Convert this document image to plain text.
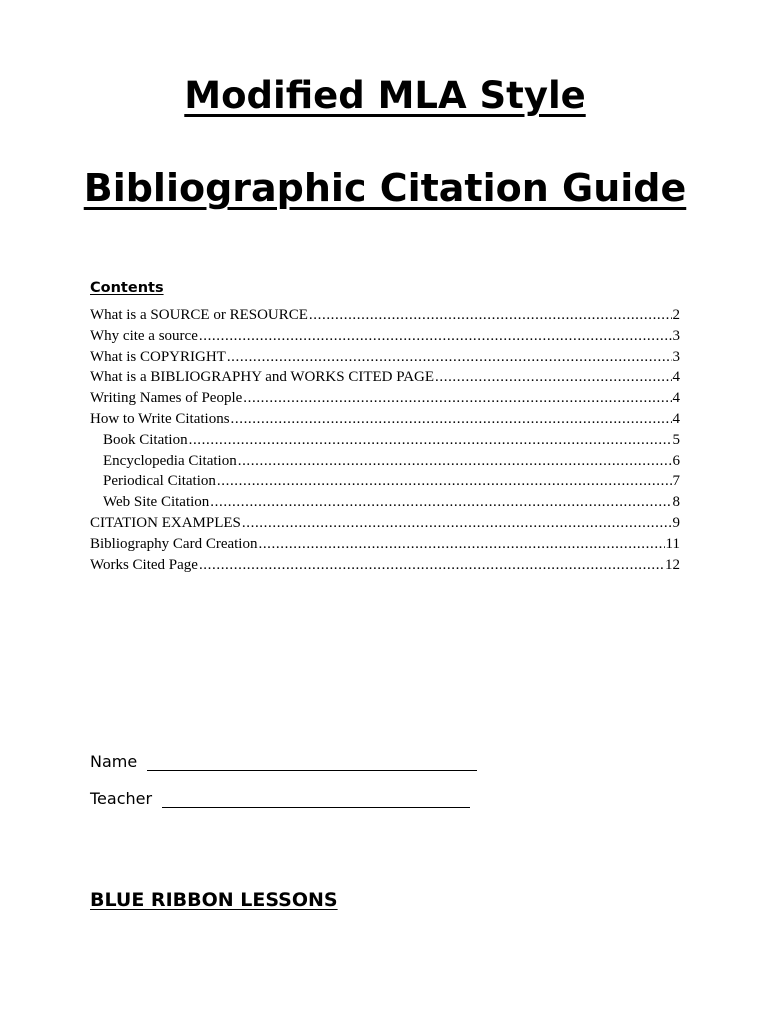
Modified MLA Style
Bibliographic Citation Guide
Contents
What is a SOURCE or RESOURCE .....	2
Why cite a source .....	3
What is COPYRIGHT .....	3
What is a BIBLIOGRAPHY and WORKS CITED PAGE .....	4
Writing Names of People .....	4
How to Write Citations .....	4
Book Citation .....	5
Encyclopedia Citation .....	6
Periodical Citation .....	7
Web Site Citation .....	8
CITATION EXAMPLES .....	9
Bibliography Card Creation .....	11
Works Cited Page .....	12
Name
Teacher
BLUE RIBBON LESSONS
